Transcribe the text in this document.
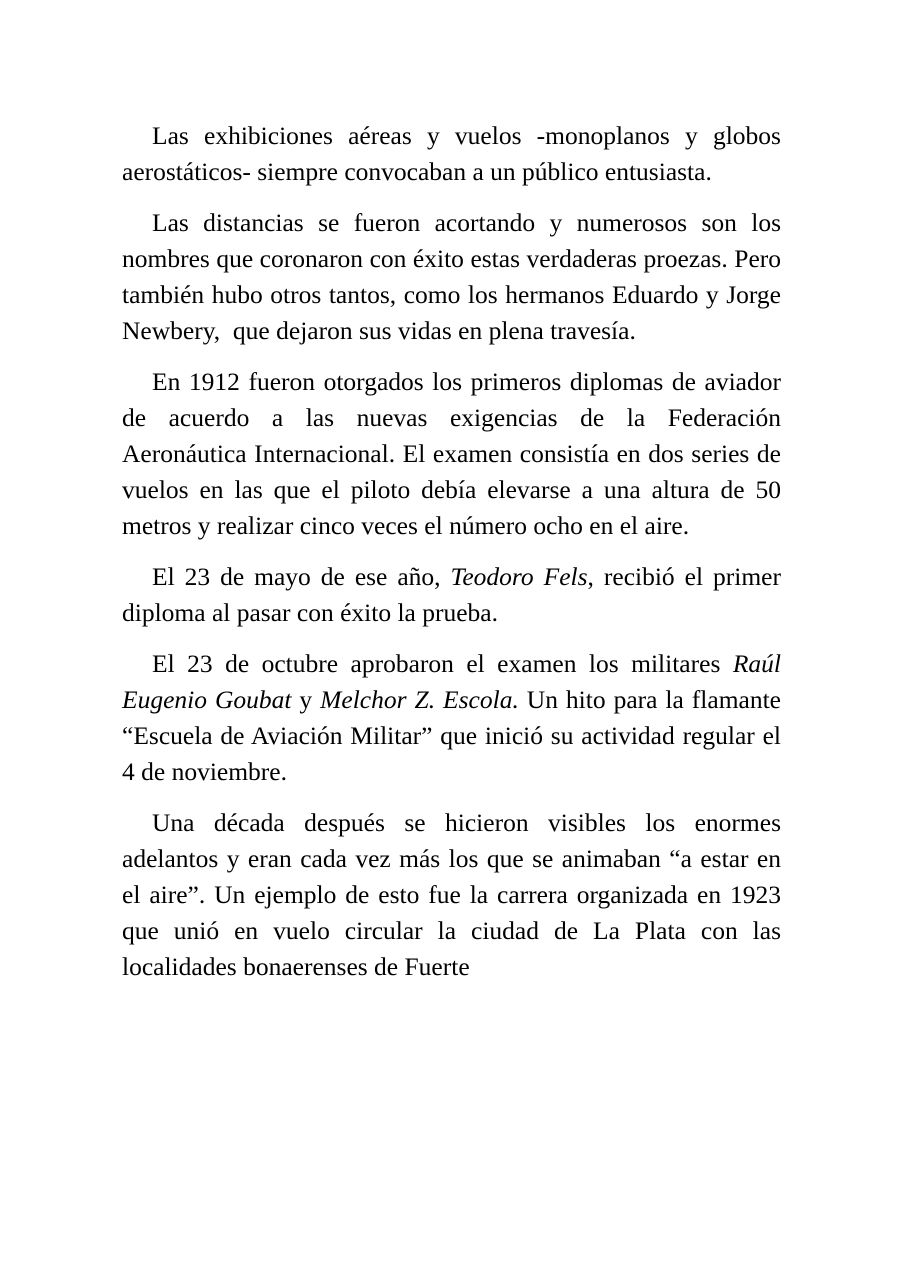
Las exhibiciones aéreas y vuelos -monoplanos y globos aerostáticos- siempre convocaban a un público entusiasta.

Las distancias se fueron acortando y numerosos son los nombres que coronaron con éxito estas verdaderas proezas. Pero también hubo otros tantos, como los hermanos Eduardo y Jorge Newbery,  que dejaron sus vidas en plena travesía.

En 1912 fueron otorgados los primeros diplomas de aviador de acuerdo a las nuevas exigencias de la Federación Aeronáutica Internacional. El examen consistía en dos series de vuelos en las que el piloto debía elevarse a una altura de 50 metros y realizar cinco veces el número ocho en el aire.

El 23 de mayo de ese año, Teodoro Fels, recibió el primer diploma al pasar con éxito la prueba.

El 23 de octubre aprobaron el examen los militares Raúl Eugenio Goubat y Melchor Z. Escola. Un hito para la flamante “Escuela de Aviación Militar” que inició su actividad regular el 4 de noviembre.

Una década después se hicieron visibles los enormes adelantos y eran cada vez más los que se animaban “a estar en el aire”. Un ejemplo de esto fue la carrera organizada en 1923 que unió en vuelo circular la ciudad de La Plata con las localidades bonaerenses de Fuerte
